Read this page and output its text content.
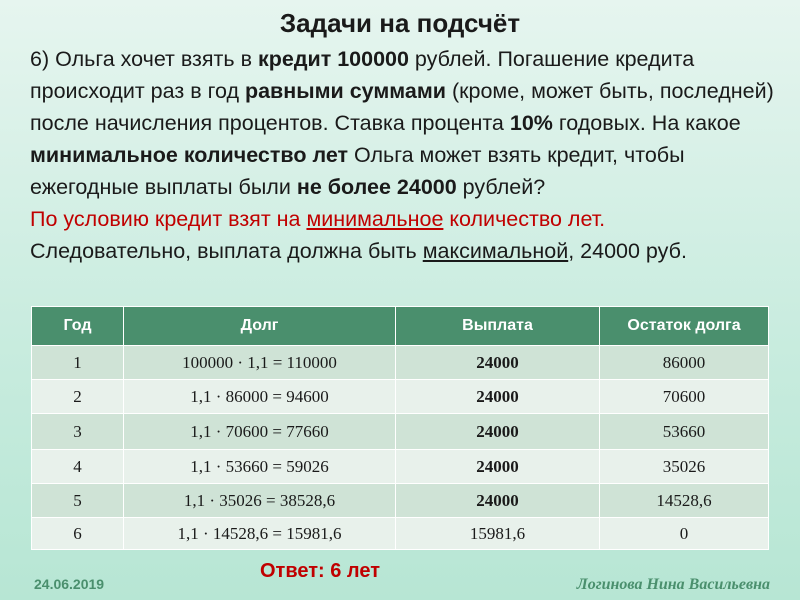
Задачи на подсчёт
6) Ольга хочет взять в кредит 100000 рублей. Погашение кредита происходит раз в год равными суммами (кроме, может быть, последней) после начисления процентов. Ставка процента 10% годовых. На какое минимальное количество лет Ольга может взять кредит, чтобы ежегодные выплаты были не более 24000 рублей?
По условию кредит взят на минимальное количество лет.
Следовательно, выплата должна быть максимальной, 24000 руб.
Год	Долг	Выплата	Остаток долга
1	100000 · 1,1 = 110000	24000	86000
2	1,1 · 86000 = 94600	24000	70600
3	1,1 · 70600 = 77660	24000	53660
4	1,1 · 53660 = 59026	24000	35026
5	1,1 · 35026 = 38528,6	24000	14528,6
6	1,1 · 14528,6 = 15981,6	15981,6	0
Ответ: 6 лет
24.06.2019	Логинова Нина Васильевна
